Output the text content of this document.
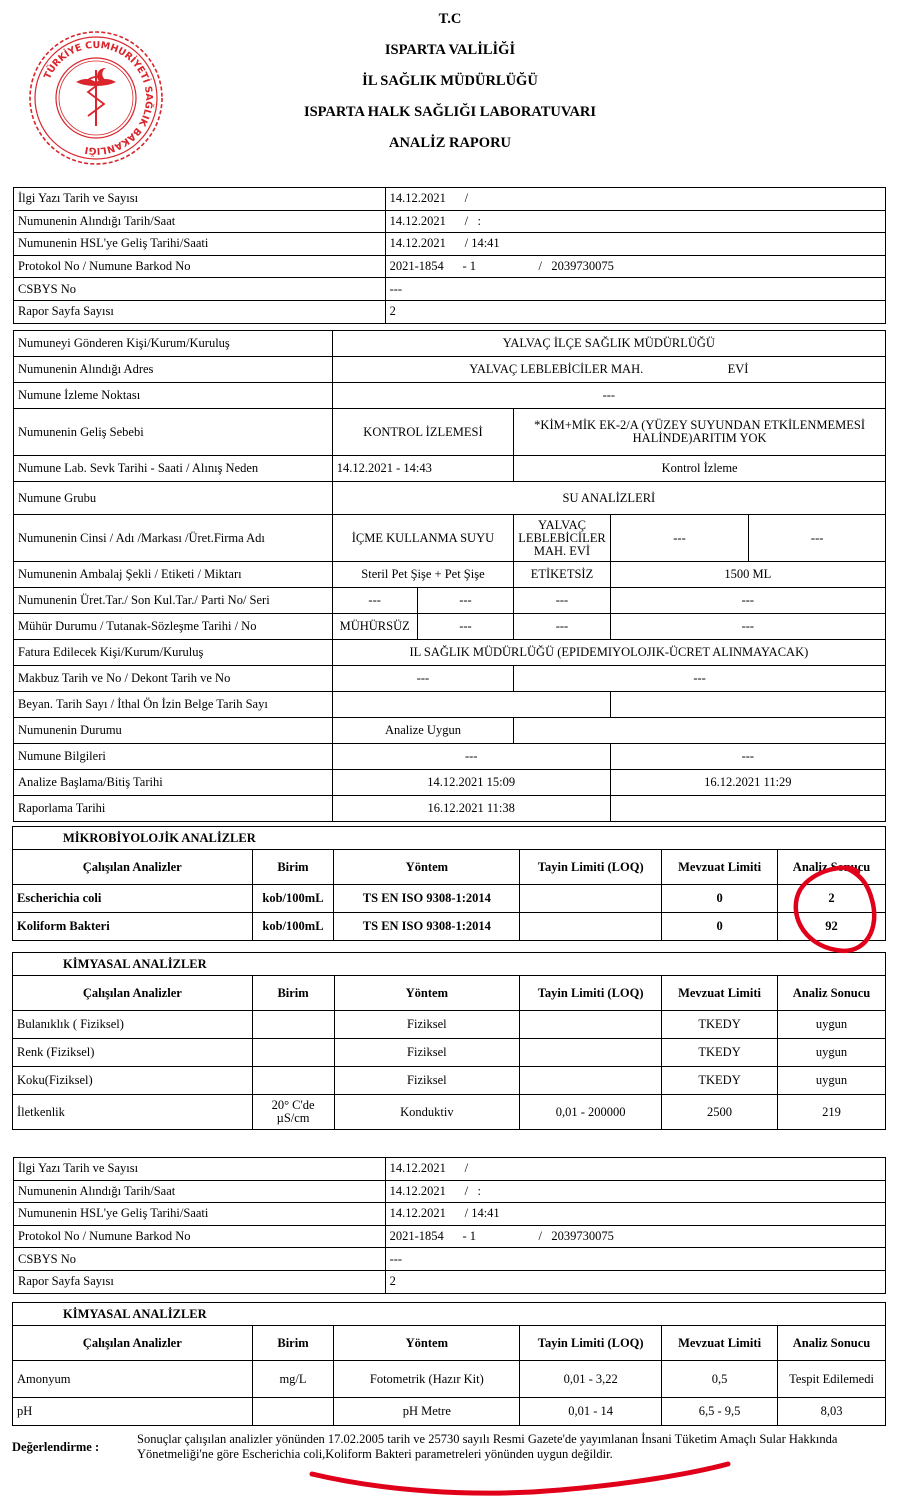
TÜRKİYE CUMHURİYETİ SAĞLIK BAKANLIĞI
T.C
ISPARTA VALİLİĞİ
İL SAĞLIK MÜDÜRLÜĞÜ
ISPARTA HALK SAĞLIĞI LABORATUVARI
ANALİZ RAPORU
İlgi Yazı Tarih ve Sayısı	14.12.2021      /
Numunenin Alındığı Tarih/Saat	14.12.2021      /   :
Numunenin HSL'ye Geliş Tarihi/Saati	14.12.2021      / 14:41
Protokol No / Numune Barkod No	2021-1854      - 1                    /   2039730075
CSBYS No	---
Rapor Sayfa Sayısı	2
Numuneyi Gönderen Kişi/Kurum/Kuruluş	YALVAÇ İLÇE SAĞLIK MÜDÜRLÜĞÜ				
Numunenin Alındığı Adres	YALVAÇ LEBLEBİCİLER MAH.                           EVİ				
Numune İzleme Noktası	---				
Numunenin Geliş Sebebi	KONTROL İZLEMESİ		*KİM+MİK EK-2/A (YÜZEY SUYUNDAN ETKİLENMEMESİ HALİNDE)ARITIM YOK		
Numune Lab. Sevk Tarihi - Saati / Alınış Neden	14.12.2021 - 14:43		Kontrol İzleme		
Numune Grubu	SU ANALİZLERİ				
Numunenin Cinsi / Adı /Markası /Üret.Firma Adı	İÇME KULLANMA SUYU		YALVAÇ LEBLEBİCİLER MAH. EVİ	---	---
Numunenin Ambalaj Şekli / Etiketi / Miktarı	Steril Pet Şişe + Pet Şişe		ETİKETSİZ	1500 ML	
Numunenin Üret.Tar./ Son Kul.Tar./ Parti No/ Seri	---	---	---	---	
Mühür Durumu / Tutanak-Sözleşme Tarihi / No	MÜHÜRSÜZ	---	---	---	
Fatura Edilecek Kişi/Kurum/Kuruluş	IL SAĞLIK MÜDÜRLÜĞÜ (EPIDEMIYOLOJIK-ÜCRET ALINMAYACAK)				
Makbuz Tarih ve No / Dekont Tarih ve No	---		---		
Beyan. Tarih Sayı / İthal Ön İzin Belge Tarih Sayı					
Numunenin Durumu	Analize Uygun				
Numune Bilgileri	---			---	
Analize Başlama/Bitiş Tarihi	14.12.2021 15:09			16.12.2021 11:29	
Raporlama Tarihi	16.12.2021 11:38				
MİKROBİYOLOJİK ANALİZLER					
Çalışılan Analizler	Birim	Yöntem	Tayin Limiti (LOQ)	Mevzuat Limiti	Analiz Sonucu
Escherichia coli	kob/100mL	TS EN ISO 9308-1:2014		0	2
Koliform Bakteri	kob/100mL	TS EN ISO 9308-1:2014		0	92
KİMYASAL ANALİZLER					
Çalışılan Analizler	Birim	Yöntem	Tayin Limiti (LOQ)	Mevzuat Limiti	Analiz Sonucu
Bulanıklık ( Fiziksel)		Fiziksel		TKEDY	uygun
Renk (Fiziksel)		Fiziksel		TKEDY	uygun
Koku(Fiziksel)		Fiziksel		TKEDY	uygun
İletkenlik	20° C'de µS/cm	Konduktiv	0,01 - 200000	2500	219
İlgi Yazı Tarih ve Sayısı	14.12.2021      /
Numunenin Alındığı Tarih/Saat	14.12.2021      /   :
Numunenin HSL'ye Geliş Tarihi/Saati	14.12.2021      / 14:41
Protokol No / Numune Barkod No	2021-1854      - 1                    /   2039730075
CSBYS No	---
Rapor Sayfa Sayısı	2
KİMYASAL ANALİZLER					
Çalışılan Analizler	Birim	Yöntem	Tayin Limiti (LOQ)	Mevzuat Limiti	Analiz Sonucu
Amonyum	mg/L	Fotometrik (Hazır Kit)	0,01 - 3,22	0,5	Tespit Edilemedi
pH		pH Metre	0,01 - 14	6,5 - 9,5	8,03
Değerlendirme :
Sonuçlar çalışılan analizler yönünden 17.02.2005 tarih ve 25730 sayılı Resmi Gazete'de yayımlanan İnsani Tüketim Amaçlı Sular Hakkında Yönetmeliği'ne göre Escherichia coli,Koliform Bakteri parametreleri yönünden uygun değildir.
